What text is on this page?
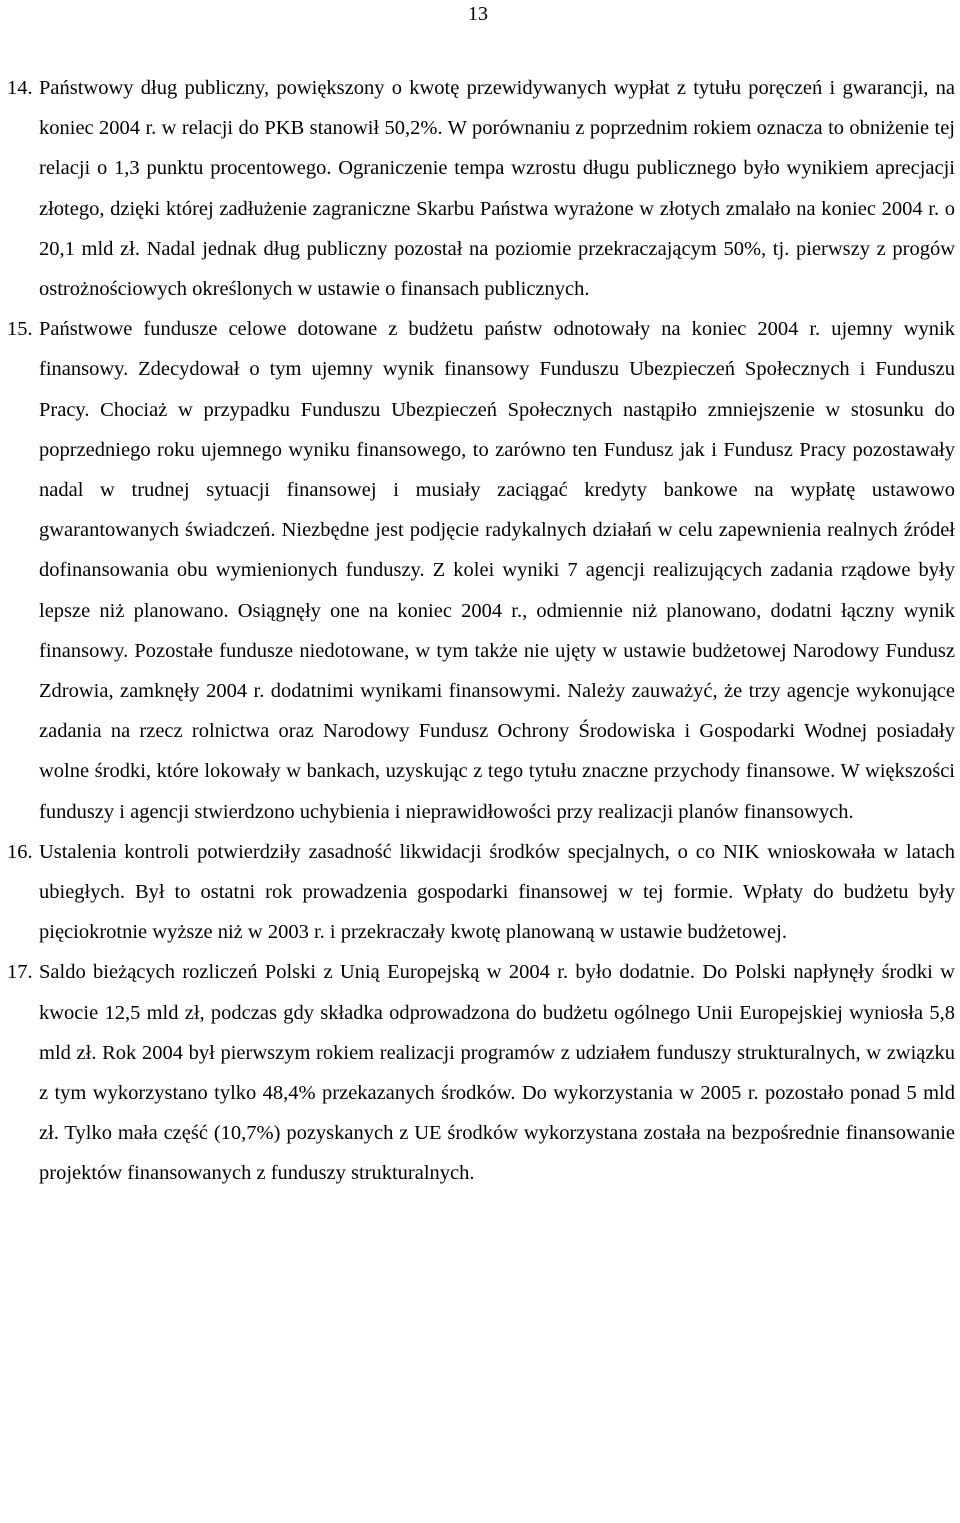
13
14. Państwowy dług publiczny, powiększony o kwotę przewidywanych wypłat z tytułu poręczeń i gwarancji, na koniec 2004 r. w relacji do PKB stanowił 50,2%. W porównaniu z poprzednim rokiem oznacza to obniżenie tej relacji o 1,3 punktu procentowego. Ograniczenie tempa wzrostu długu publicznego było wynikiem aprecjacji złotego, dzięki której zadłużenie zagraniczne Skarbu Państwa wyrażone w złotych zmalało na koniec 2004 r. o 20,1 mld zł. Nadal jednak dług publiczny pozostał na poziomie przekraczającym 50%, tj. pierwszy z progów ostrożnościowych określonych w ustawie o finansach publicznych.
15. Państwowe fundusze celowe dotowane z budżetu państw odnotowały na koniec 2004 r. ujemny wynik finansowy. Zdecydował o tym ujemny wynik finansowy Funduszu Ubezpieczeń Społecznych i Funduszu Pracy. Chociaż w przypadku Funduszu Ubezpieczeń Społecznych nastąpiło zmniejszenie w stosunku do poprzedniego roku ujemnego wyniku finansowego, to zarówno ten Fundusz jak i Fundusz Pracy pozostawały nadal w trudnej sytuacji finansowej i musiały zaciągać kredyty bankowe na wypłatę ustawowo gwarantowanych świadczeń. Niezbędne jest podjęcie radykalnych działań w celu zapewnienia realnych źródeł dofinansowania obu wymienionych funduszy. Z kolei wyniki 7 agencji realizujących zadania rządowe były lepsze niż planowano. Osiągnęły one na koniec 2004 r., odmiennie niż planowano, dodatni łączny wynik finansowy. Pozostałe fundusze niedotowane, w tym także nie ujęty w ustawie budżetowej Narodowy Fundusz Zdrowia, zamknęły 2004 r. dodatnimi wynikami finansowymi. Należy zauważyć, że trzy agencje wykonujące zadania na rzecz rolnictwa oraz Narodowy Fundusz Ochrony Środowiska i Gospodarki Wodnej posiadały wolne środki, które lokowały w bankach, uzyskując z tego tytułu znaczne przychody finansowe. W większości funduszy i agencji stwierdzono uchybienia i nieprawidłowości przy realizacji planów finansowych.
16. Ustalenia kontroli potwierdziły zasadność likwidacji środków specjalnych, o co NIK wnioskowała w latach ubiegłych. Był to ostatni rok prowadzenia gospodarki finansowej w tej formie. Wpłaty do budżetu były pięciokrotnie wyższe niż w 2003 r. i przekraczały kwotę planowaną w ustawie budżetowej.
17. Saldo bieżących rozliczeń Polski z Unią Europejską w 2004 r. było dodatnie. Do Polski napłynęły środki w kwocie 12,5 mld zł, podczas gdy składka odprowadzona do budżetu ogólnego Unii Europejskiej wyniosła 5,8 mld zł. Rok 2004 był pierwszym rokiem realizacji programów z udziałem funduszy strukturalnych, w związku z tym wykorzystano tylko 48,4% przekazanych środków. Do wykorzystania w 2005 r. pozostało ponad 5 mld zł. Tylko mała część (10,7%) pozyskanych z UE środków wykorzystana została na bezpośrednie finansowanie projektów finansowanych z funduszy strukturalnych.
